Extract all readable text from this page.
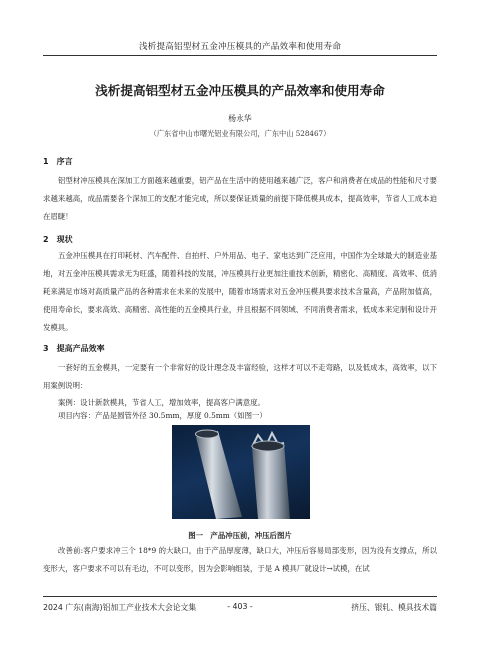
浅析提高铝型材五金冲压模具的产品效率和使用寿命
浅析提高铝型材五金冲压模具的产品效率和使用寿命
杨永华
（广东省中山市曙光铝业有限公司，广东中山 528467）
1　序言
铝型材冲压模具在深加工方面越来越重要，铝产品在生活中的使用越来越广泛，客户和消费者在成品的性能和尺寸要求越来越高，成品需要各个深加工的支配才能完成，所以要保证质量的前提下降低模具成本，提高效率，节省人工成本迫在眉睫！
2　现状
五金冲压模具在打印耗材、汽车配件、自拍杆、户外用品、电子、家电达到广泛应用，中国作为全球最大的制造业基地，对五金冲压模具需求无为旺盛，随着科技的发展，冲压模具行业更加注重技术创新，精密化、高精度、高效率、低消耗来满足市场对高质量产品的各种需求在未来的发展中，随着市场需求对五金冲压模具要求技术含量高，产品附加值高，使用寿命长，要求高效、高精密、高性能的五金模具行业，并且根据不同领域、不同消费者需求，低成本来定制和设计开发模具。
3　提高产品效率
一套好的五金模具，一定要有一个非常好的设计理念及丰富经验，这样才可以不走弯路，以及低成本，高效率，以下用案例说明：
案例：设计新款模具，节省人工，增加效率，提高客户满意度。
项目内容：产品是圆管外径 30.5mm，厚度 0.5mm（如图一）
图一　产品冲压前，冲压后图片
改善前:客户要求冲三个 18*9 的大缺口，由于产品厚度薄，缺口大，冲压后容易局部变形，因为没有支撑点，所以变形大，客户要求不可以有毛边，不可以变形，因为会影响组装，于是 A 模具厂就设计→试模，在试
2024 广东(南海)铝加工产业技术大会论文集	- 403 -	挤压、银轧、模具技术篇
